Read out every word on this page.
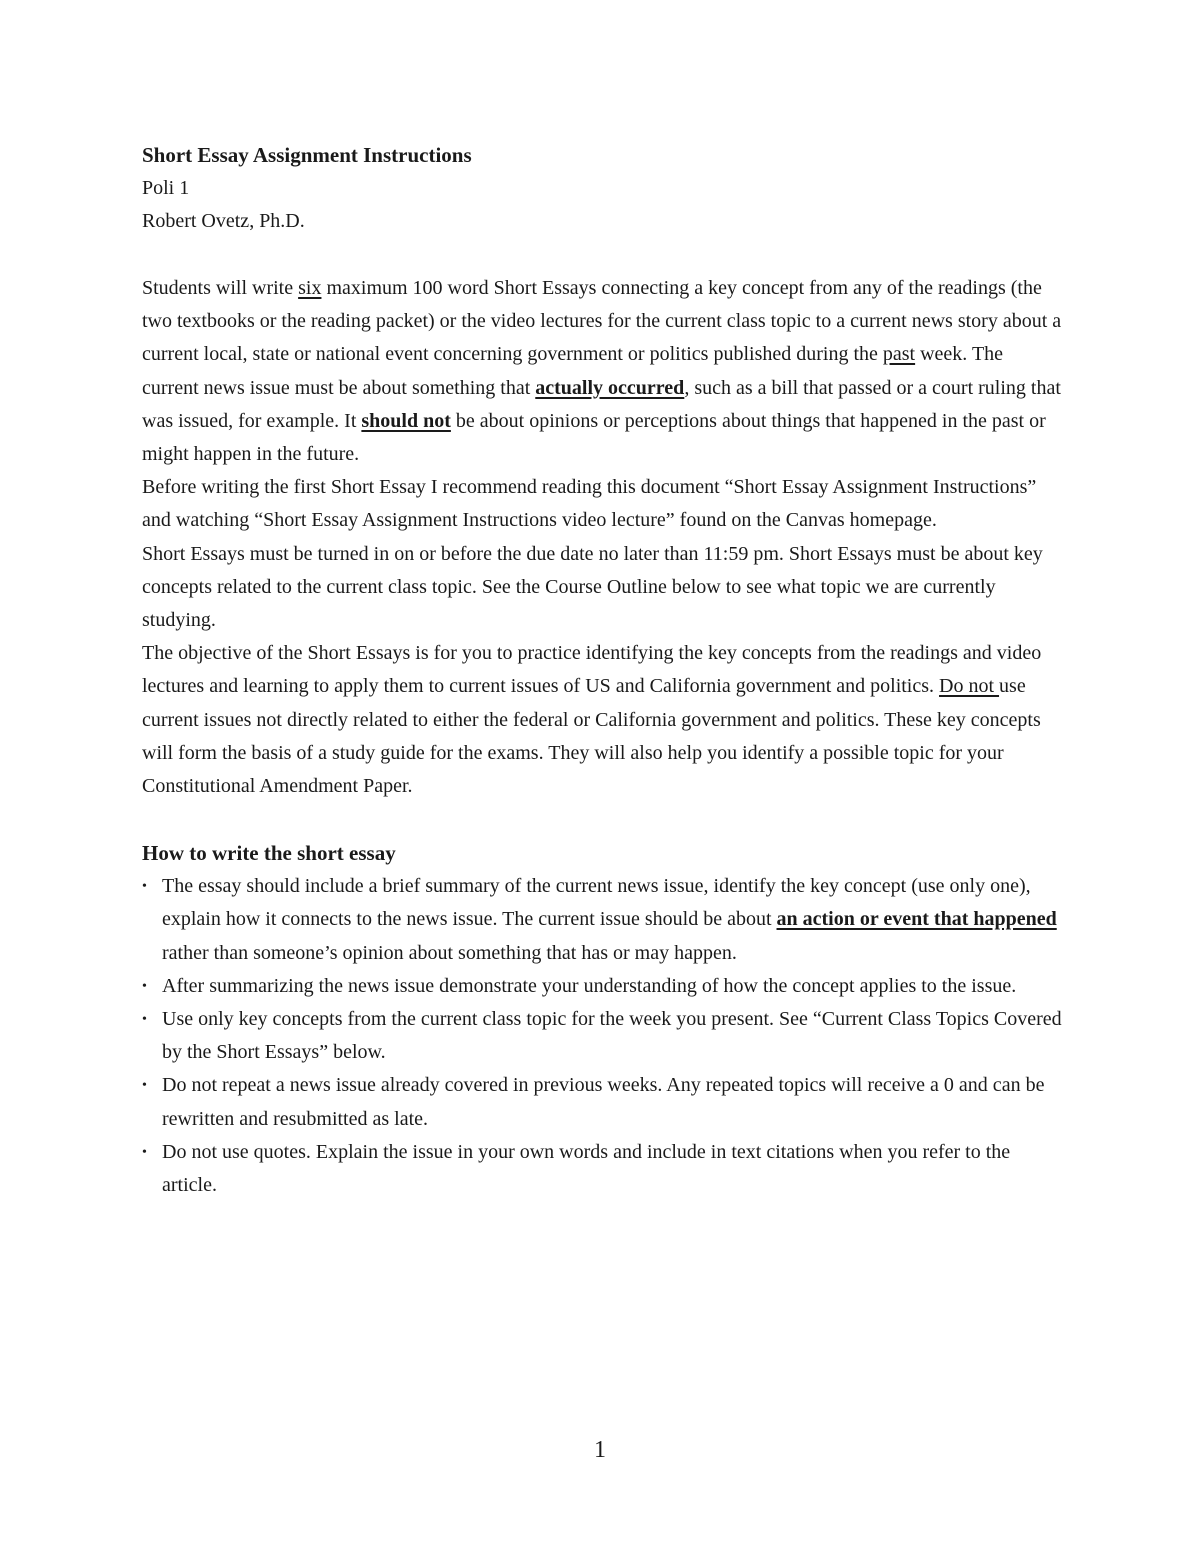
Short Essay Assignment Instructions

Poli 1

Robert Ovetz, Ph.D.

Students will write six maximum 100 word Short Essays connecting a key concept from any of the readings (the two textbooks or the reading packet) or the video lectures for the current class topic to a current news story about a current local, state or national event concerning government or politics published during the past week. The current news issue must be about something that actually occurred, such as a bill that passed or a court ruling that was issued, for example. It should not be about opinions or perceptions about things that happened in the past or might happen in the future.

Before writing the first Short Essay I recommend reading this document “Short Essay Assignment Instructions” and watching “Short Essay Assignment Instructions video lecture” found on the Canvas homepage.

Short Essays must be turned in on or before the due date no later than 11:59 pm. Short Essays must be about key concepts related to the current class topic. See the Course Outline below to see what topic we are currently studying.

The objective of the Short Essays is for you to practice identifying the key concepts from the readings and video lectures and learning to apply them to current issues of US and California government and politics. Do not use current issues not directly related to either the federal or California government and politics. These key concepts will form the basis of a study guide for the exams. They will also help you identify a possible topic for your Constitutional Amendment Paper.

How to write the short essay

• The essay should include a brief summary of the current news issue, identify the key concept (use only one), explain how it connects to the news issue. The current issue should be about an action or event that happened rather than someone’s opinion about something that has or may happen.
• After summarizing the news issue demonstrate your understanding of how the concept applies to the issue.
• Use only key concepts from the current class topic for the week you present. See “Current Class Topics Covered by the Short Essays” below.
• Do not repeat a news issue already covered in previous weeks. Any repeated topics will receive a 0 and can be rewritten and resubmitted as late.
• Do not use quotes. Explain the issue in your own words and include in text citations when you refer to the article.
1
